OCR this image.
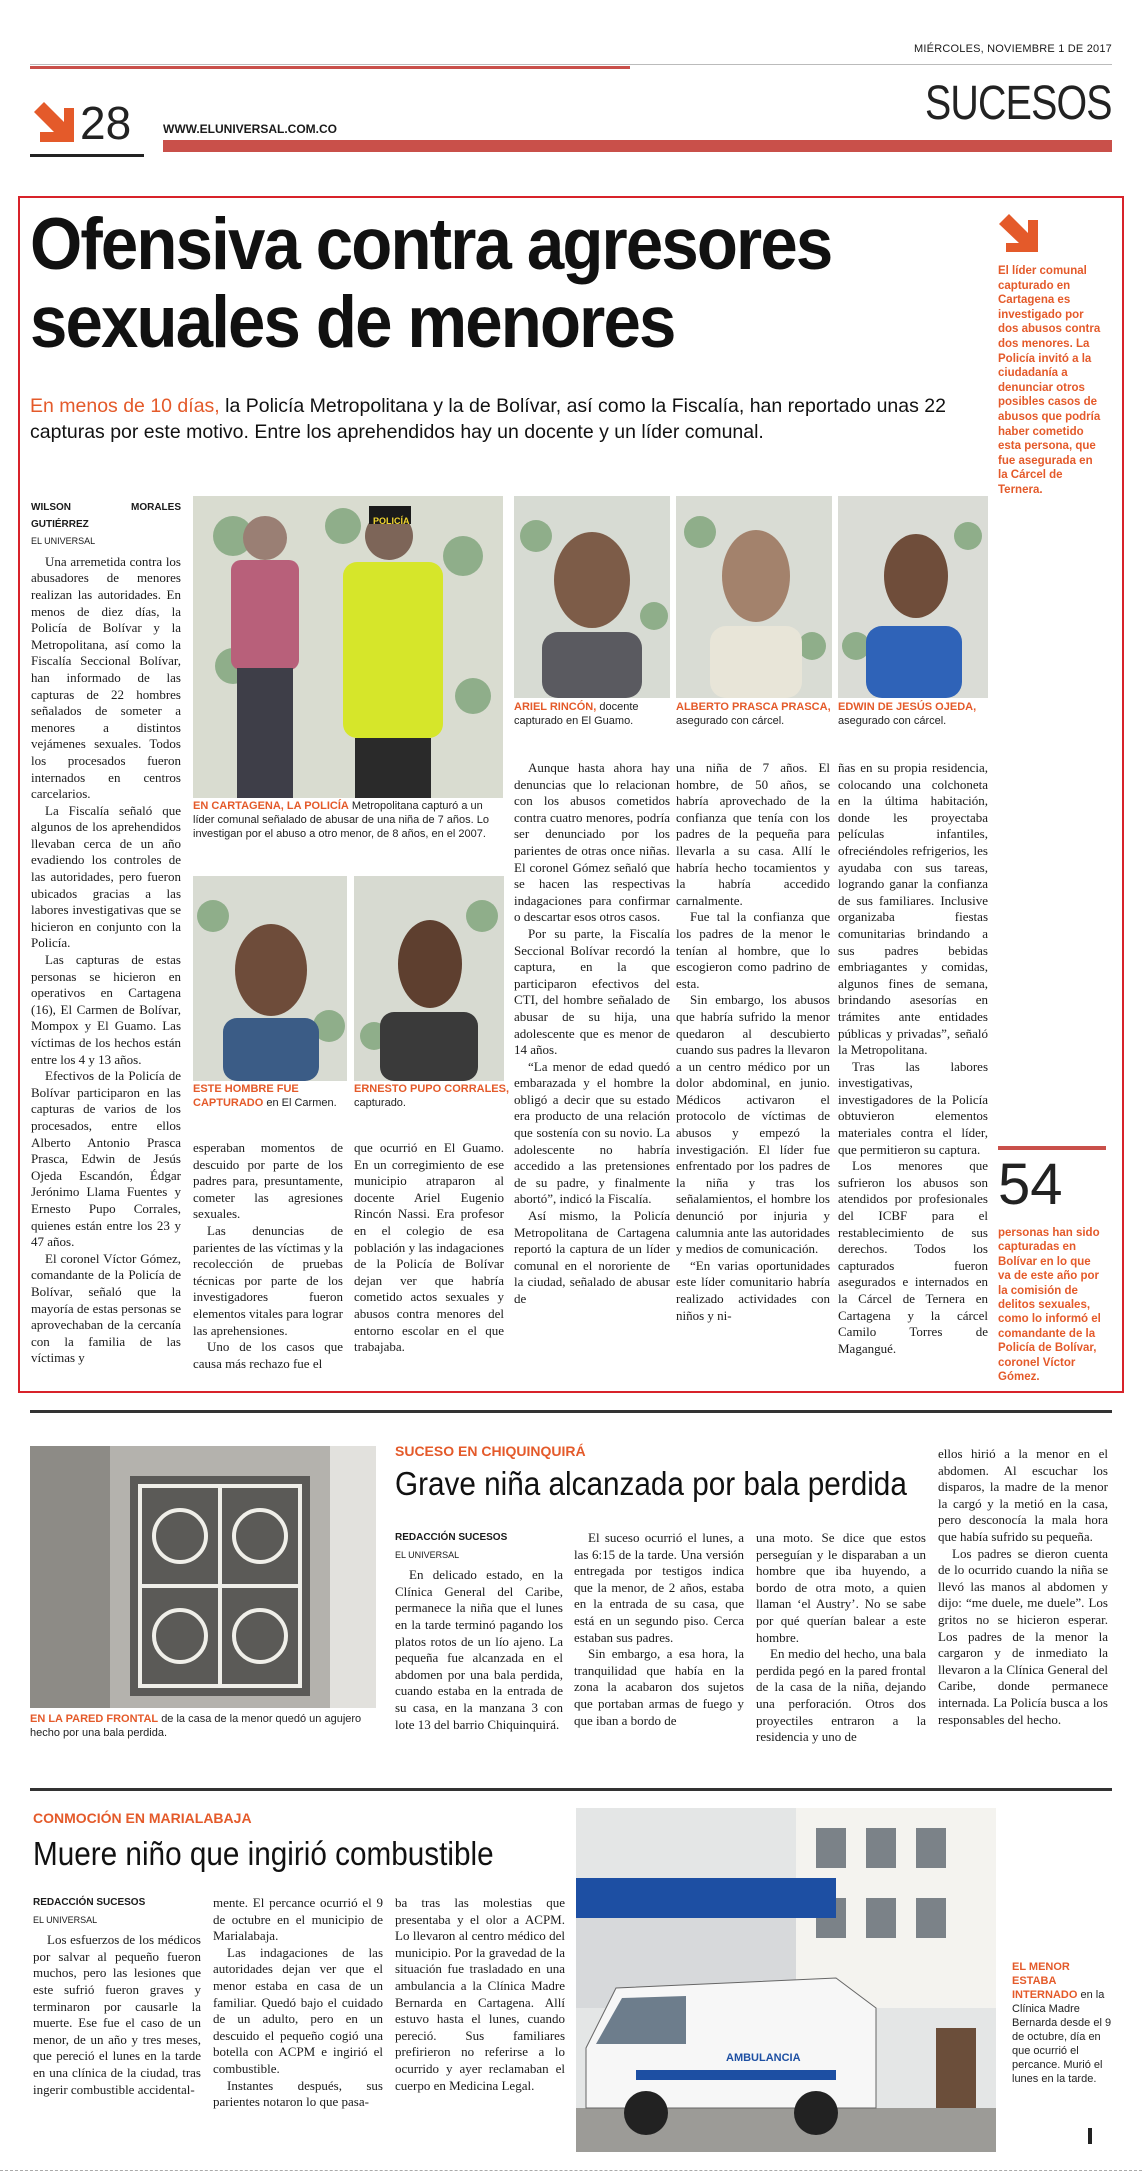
MIÉRCOLES, NOVIEMBRE 1 DE 2017
28	WWW.ELUNIVERSAL.COM.CO	SUCESOS
Ofensiva contra agresores
sexuales de menores
En menos de 10 días, la Policía Metropolitana y la de Bolívar, así como la Fiscalía, han reportado unas 22 capturas por este motivo. Entre los aprehendidos hay un docente y un líder comunal.
El líder comunal capturado en Cartagena es investigado por dos abusos contra dos menores. La Policía invitó a la ciudadanía a denunciar otros posibles casos de abusos que podría haber cometido esta persona, que fue asegurada en la Cárcel de Ternera.
POLICÍA
EN CARTAGENA, LA POLICÍA Metropolitana capturó a un líder comunal señalado de abusar de una niña de 7 años. Lo investigan por el abuso a otro menor, de 8 años, en el 2007.
ARIEL RINCÓN, docente capturado en El Guamo.
ALBERTO PRASCA PRASCA, asegurado con cárcel.
EDWIN DE JESÚS OJEDA, asegurado con cárcel.
ESTE HOMBRE FUE CAPTURADO en El Carmen.
ERNESTO PUPO CORRALES, capturado.
WILSON MORALES GUTIÉRREZ
EL UNIVERSAL

Una arremetida contra los abusadores de menores realizan las autoridades. En menos de diez días, la Policía de Bolívar y la Metropolitana, así como la Fiscalía Seccional Bolívar, han informado de las capturas de 22 hombres señalados de someter a menores a distintos vejámenes sexuales. Todos los procesados fueron internados en centros carcelarios.

La Fiscalía señaló que algunos de los aprehendidos llevaban cerca de un año evadiendo los controles de las autoridades, pero fueron ubicados gracias a las labores investigativas que se hicieron en conjunto con la Policía.

Las capturas de estas personas se hicieron en operativos en Cartagena (16), El Carmen de Bolívar, Mompox y El Guamo. Las víctimas de los hechos están entre los 4 y 13 años.

Efectivos de la Policía de Bolívar participaron en las capturas de varios de los procesados, entre ellos Alberto Antonio Prasca Prasca, Edwin de Jesús Ojeda Escandón, Édgar Jerónimo Llama Fuentes y Ernesto Pupo Corrales, quienes están entre los 23 y 47 años.

El coronel Víctor Gómez, comandante de la Policía de Bolívar, señaló que la mayoría de estas personas se aprovechaban de la cercanía con la familia de las víctimas y

esperaban momentos de descuido por parte de los padres para, presuntamente, cometer las agresiones sexuales.

Las denuncias de parientes de las víctimas y la recolección de pruebas técnicas por parte de los investigadores fueron elementos vitales para lograr las aprehensiones.

Uno de los casos que causa más rechazo fue el

que ocurrió en El Guamo. En un corregimiento de ese municipio atraparon al docente Ariel Eugenio Rincón Nassi. Era profesor en el colegio de esa población y las indagaciones de la Policía de Bolívar dejan ver que habría cometido actos sexuales y abusos contra menores del entorno escolar en el que trabajaba.

Aunque hasta ahora hay denuncias que lo relacionan con los abusos cometidos contra cuatro menores, podría ser denunciado por los parientes de otras once niñas. El coronel Gómez señaló que se hacen las respectivas indagaciones para confirmar o descartar esos otros casos.

Por su parte, la Fiscalía Seccional Bolívar recordó la captura, en la que participaron efectivos del CTI, del hombre señalado de abusar de su hija, una adolescente que es menor de 14 años.

“La menor de edad quedó embarazada y el hombre la obligó a decir que su estado era producto de una relación que sostenía con su novio. La adolescente no habría accedido a las pretensiones de su padre, y finalmente abortó”, indicó la Fiscalía.

Así mismo, la Policía Metropolitana de Cartagena reportó la captura de un líder comunal en el nororiente de la ciudad, señalado de abusar de

una niña de 7 años. El hombre, de 50 años, se habría aprovechado de la confianza que tenía con los padres de la pequeña para llevarla a su casa. Allí le habría hecho tocamientos y la habría accedido carnalmente.

Fue tal la confianza que los padres de la menor le tenían al hombre, que lo escogieron como padrino de esta.

Sin embargo, los abusos que habría sufrido la menor quedaron al descubierto cuando sus padres la llevaron a un centro médico por un dolor abdominal, en junio. Médicos activaron el protocolo de víctimas de abusos y empezó la investigación. El líder fue enfrentado por los padres de la niña y tras los señalamientos, el hombre los denunció por injuria y calumnia ante las autoridades y medios de comunicación.

“En varias oportunidades este líder comunitario habría realizado actividades con niños y ni-

ñas en su propia residencia, colocando una colchoneta en la última habitación, donde les proyectaba películas infantiles, ofreciéndoles refrigerios, les ayudaba con sus tareas, logrando ganar la confianza de sus familiares. Inclusive organizaba fiestas comunitarias brindando a sus padres bebidas embriagantes y comidas, algunos fines de semana, brindando asesorías en trámites ante entidades públicas y privadas”, señaló la Metropolitana.

Tras las labores investigativas, investigadores de la Policía obtuvieron elementos materiales contra el líder, que permitieron su captura.

Los menores que sufrieron los abusos son atendidos por profesionales del ICBF para el restablecimiento de sus derechos. Todos los capturados fueron asegurados e internados en la Cárcel de Ternera en Cartagena y la cárcel Camilo Torres de Magangué.

54
personas han sido capturadas en Bolívar en lo que va de este año por la comisión de delitos sexuales, como lo informó el comandante de la Policía de Bolívar, coronel Víctor Gómez.
EN LA PARED FRONTAL de la casa de la menor quedó un agujero hecho por una bala perdida.
SUCESO EN CHIQUINQUIRÁ
Grave niña alcanzada por bala perdida
REDACCIÓN SUCESOS
EL UNIVERSAL

En delicado estado, en la Clínica General del Caribe, permanece la niña que el lunes en la tarde terminó pagando los platos rotos de un lío ajeno. La pequeña fue alcanzada en el abdomen por una bala perdida, cuando estaba en la entrada de su casa, en la manzana 3 con lote 13 del barrio Chiquinquirá.

El suceso ocurrió el lunes, a las 6:15 de la tarde. Una versión entregada por testigos indica que la menor, de 2 años, estaba en la entrada de su casa, que está en un segundo piso. Cerca estaban sus padres.

Sin embargo, a esa hora, la tranquilidad que había en la zona la acabaron dos sujetos que portaban armas de fuego y que iban a bordo de

una moto. Se dice que estos perseguían y le disparaban a un hombre que iba huyendo, a bordo de otra moto, a quien llaman ‘el Austry’. No se sabe por qué querían balear a este hombre.

En medio del hecho, una bala perdida pegó en la pared frontal de la casa de la niña, dejando una perforación. Otros dos proyectiles entraron a la residencia y uno de

ellos hirió a la menor en el abdomen. Al escuchar los disparos, la madre de la menor la cargó y la metió en la casa, pero desconocía la mala hora que había sufrido su pequeña.

Los padres se dieron cuenta de lo ocurrido cuando la niña se llevó las manos al abdomen y dijo: “me duele, me duele”. Los gritos no se hicieron esperar. Los padres de la menor la cargaron y de inmediato la llevaron a la Clínica General del Caribe, donde permanece internada. La Policía busca a los responsables del hecho.

CONMOCIÓN EN MARIALABAJA
Muere niño que ingirió combustible
REDACCIÓN SUCESOS
EL UNIVERSAL

Los esfuerzos de los médicos por salvar al pequeño fueron muchos, pero las lesiones que este sufrió fueron graves y terminaron por causarle la muerte. Ese fue el caso de un menor, de un año y tres meses, que pereció el lunes en la tarde en una clínica de la ciudad, tras ingerir combustible accidental-

mente. El percance ocurrió el 9 de octubre en el municipio de Marialabaja.

Las indagaciones de las autoridades dejan ver que el menor estaba en casa de un familiar. Quedó bajo el cuidado de un adulto, pero en un descuido el pequeño cogió una botella con ACPM e ingirió el combustible.

Instantes después, sus parientes notaron lo que pasa-

ba tras las molestias que presentaba y el olor a ACPM. Lo llevaron al centro médico del municipio. Por la gravedad de la situación fue trasladado en una ambulancia a la Clínica Madre Bernarda en Cartagena. Allí estuvo hasta el lunes, cuando pereció. Sus familiares prefirieron no referirse a lo ocurrido y ayer reclamaban el cuerpo en Medicina Legal.

AMBULANCIA
EL MENOR ESTABA INTERNADO en la Clínica Madre Bernarda desde el 9 de octubre, día en que ocurrió el percance. Murió el lunes en la tarde.
